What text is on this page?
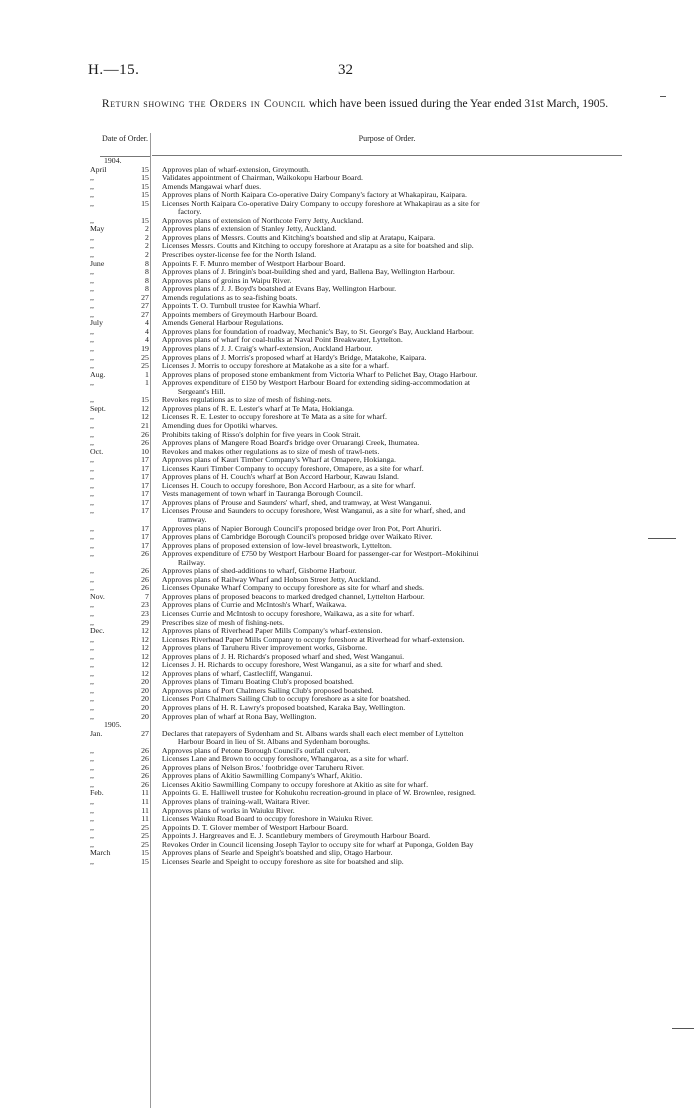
H.—15.	32
Return showing the Orders in Council which have been issued during the Year ended 31st March, 1905.
Date of Order.	Purpose of Order.
1904.
April	15 Approves plan of wharf-extension, Greymouth.
,,	15 Validates appointment of Chairman, Waikokopu Harbour Board.
,,	15 Amends Mangawai wharf dues.
,,	15 Approves plans of North Kaipara Co-operative Dairy Company's factory at Whakapirau, Kaipara.
,,	15 Licenses North Kaipara Co-operative Dairy Company to occupy foreshore at Whakapirau as a site for
factory.
,,	15 Approves plans of extension of Northcote Ferry Jetty, Auckland.
May	2 Approves plans of extension of Stanley Jetty, Auckland.
,,	2 Approves plans of Messrs. Coutts and Kitching's boatshed and slip at Aratapu, Kaipara.
,,	2 Licenses Messrs. Coutts and Kitching to occupy foreshore at Aratapu as a site for boatshed and slip.
,,	2 Prescribes oyster-license fee for the North Island.
June	8 Appoints F. F. Munro member of Westport Harbour Board.
,,	8 Approves plans of J. Bringin's boat-building shed and yard, Ballena Bay, Wellington Harbour.
,,	8 Approves plans of groins in Waipu River.
,,	8 Approves plans of J. J. Boyd's boatshed at Evans Bay, Wellington Harbour.
,,	27 Amends regulations as to sea-fishing boats.
,,	27 Appoints T. O. Turnbull trustee for Kawhia Wharf.
,,	27 Appoints members of Greymouth Harbour Board.
July	4 Amends General Harbour Regulations.
,,	4 Approves plans for foundation of roadway, Mechanic's Bay, to St. George's Bay, Auckland Harbour.
,,	4 Approves plans of wharf for coal-hulks at Naval Point Breakwater, Lyttelton.
,,	19 Approves plans of J. J. Craig's wharf-extension, Auckland Harbour.
,,	25 Approves plans of J. Morris's proposed wharf at Hardy's Bridge, Matakohe, Kaipara.
,,	25 Licenses J. Morris to occupy foreshore at Matakohe as a site for a wharf.
Aug.	1 Approves plans of proposed stone embankment from Victoria Wharf to Pelichet Bay, Otago Harbour.
,,	1 Approves expenditure of £150 by Westport Harbour Board for extending siding-accommodation at
Sergeant's Hill.
,,	15 Revokes regulations as to size of mesh of fishing-nets.
Sept.	12 Approves plans of R. E. Lester's wharf at Te Mata, Hokianga.
,,	12 Licenses R. E. Lester to occupy foreshore at Te Mata as a site for wharf.
,,	21 Amending dues for Opotiki wharves.
,,	26 Prohibits taking of Risso's dolphin for five years in Cook Strait.
,,	26 Approves plans of Mangere Road Board's bridge over Oruarangi Creek, Ihumatea.
Oct.	10 Revokes and makes other regulations as to size of mesh of trawl-nets.
,,	17 Approves plans of Kauri Timber Company's Wharf at Omapere, Hokianga.
,,	17 Licenses Kauri Timber Company to occupy foreshore, Omapere, as a site for wharf.
,,	17 Approves plans of H. Couch's wharf at Bon Accord Harbour, Kawau Island.
,,	17 Licenses H. Couch to occupy foreshore, Bon Accord Harbour, as a site for wharf.
,,	17 Vests management of town wharf in Tauranga Borough Council.
,,	17 Approves plans of Prouse and Saunders' wharf, shed, and tramway, at West Wanganui.
,,	17 Licenses Prouse and Saunders to occupy foreshore, West Wanganui, as a site for wharf, shed, and
tramway.
,,	17 Approves plans of Napier Borough Council's proposed bridge over Iron Pot, Port Ahuriri.
,,	17 Approves plans of Cambridge Borough Council's proposed bridge over Waikato River.
,,	17 Approves plans of proposed extension of low-level breastwork, Lyttelton.
,,	26 Approves expenditure of £750 by Westport Harbour Board for passenger-car for Westport–Mokihinui
Railway.
,,	26 Approves plans of shed-additions to wharf, Gisborne Harbour.
,,	26 Approves plans of Railway Wharf and Hobson Street Jetty, Auckland.
,,	26 Licenses Opunake Wharf Company to occupy foreshore as site for wharf and sheds.
Nov.	7 Approves plans of proposed beacons to marked dredged channel, Lyttelton Harbour.
,,	23 Approves plans of Currie and McIntosh's Wharf, Waikawa.
,,	23 Licenses Currie and McIntosh to occupy foreshore, Waikawa, as a site for wharf.
,,	29 Prescribes size of mesh of fishing-nets.
Dec.	12 Approves plans of Riverhead Paper Mills Company's wharf-extension.
,,	12 Licenses Riverhead Paper Mills Company to occupy foreshore at Riverhead for wharf-extension.
,,	12 Approves plans of Taruheru River improvement works, Gisborne.
,,	12 Approves plans of J. H. Richards's proposed wharf and shed, West Wanganui.
,,	12 Licenses J. H. Richards to occupy foreshore, West Wanganui, as a site for wharf and shed.
,,	12 Approves plans of wharf, Castlecliff, Wanganui.
,,	20 Approves plans of Timaru Boating Club's proposed boatshed.
,,	20 Approves plans of Port Chalmers Sailing Club's proposed boatshed.
,,	20 Licenses Port Chalmers Sailing Club to occupy foreshore as a site for boatshed.
,,	20 Approves plans of H. R. Lawry's proposed boatshed, Karaka Bay, Wellington.
,,	20 Approves plan of wharf at Rona Bay, Wellington.
1905.
Jan.	27 Declares that ratepayers of Sydenham and St. Albans wards shall each elect member of Lyttelton
Harbour Board in lieu of St. Albans and Sydenham boroughs.
,,	26 Approves plans of Petone Borough Council's outfall culvert.
,,	26 Licenses Lane and Brown to occupy foreshore, Whangaroa, as a site for wharf.
,,	26 Approves plans of Nelson Bros.' footbridge over Taruheru River.
,,	26 Approves plans of Akitio Sawmilling Company's Wharf, Akitio.
,,	26 Licenses Akitio Sawmilling Company to occupy foreshore at Akitio as site for wharf.
Feb.	11 Appoints G. E. Halliwell trustee for Kohukohu recreation-ground in place of W. Brownlee, resigned.
,,	11 Approves plans of training-wall, Waitara River.
,,	11 Approves plans of works in Waiuku River.
,,	11 Licenses Waiuku Road Board to occupy foreshore in Waiuku River.
,,	25 Appoints D. T. Glover member of Westport Harbour Board.
,,	25 Appoints J. Hargreaves and E. J. Scantlebury members of Greymouth Harbour Board.
,,	25 Revokes Order in Council licensing Joseph Taylor to occupy site for wharf at Puponga, Golden Bay
March	15 Approves plans of Searle and Speight's boatshed and slip, Otago Harbour.
,,	15 Licenses Searle and Speight to occupy foreshore as site for boatshed and slip.
